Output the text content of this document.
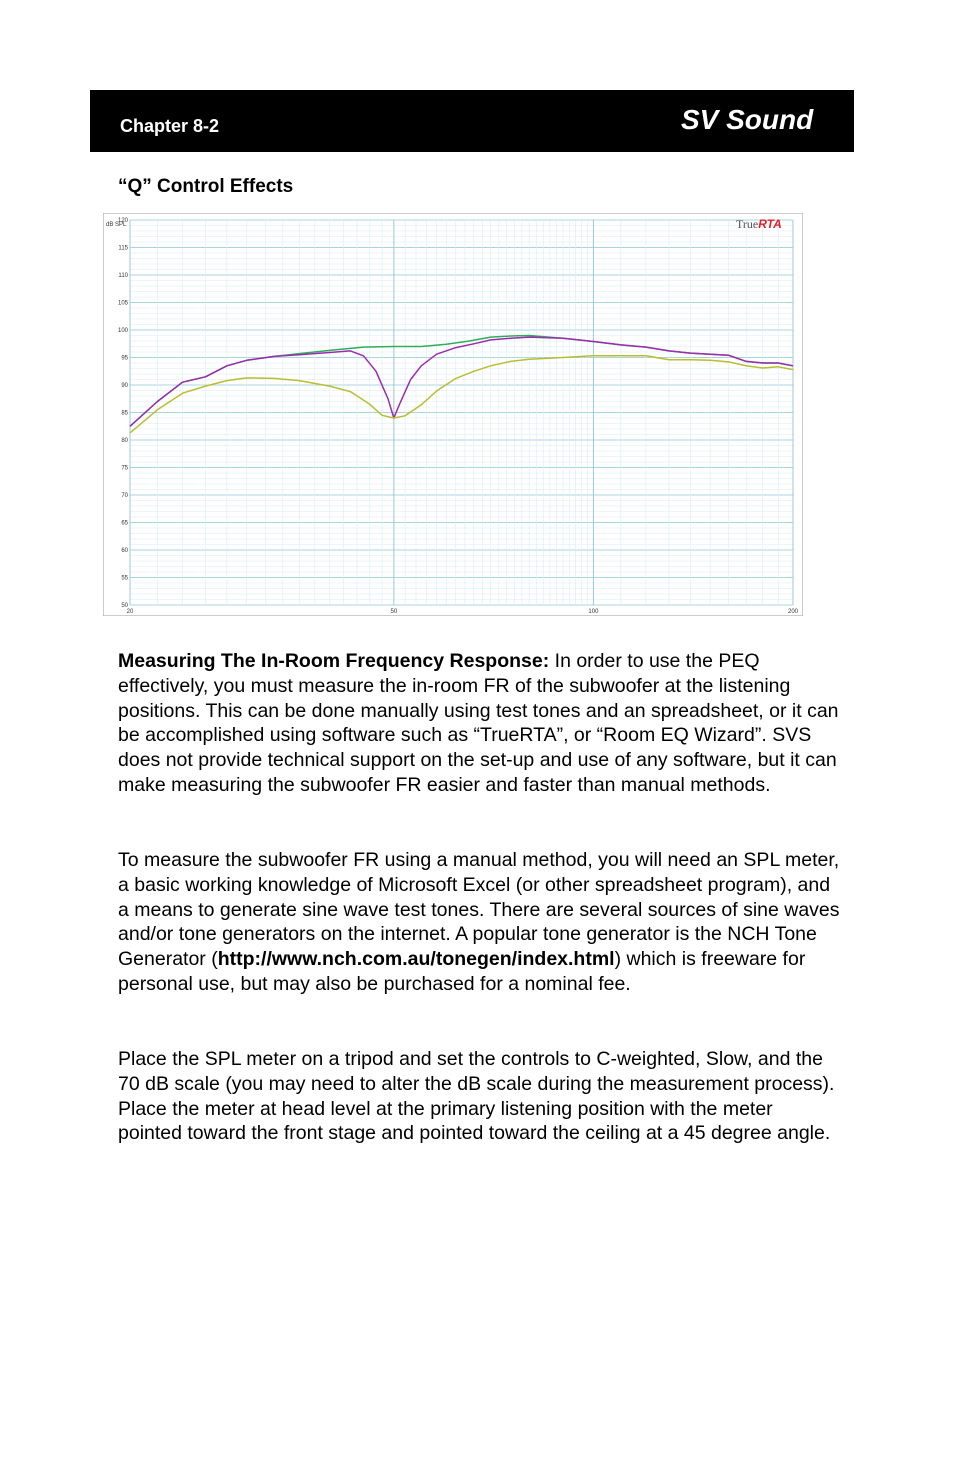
Chapter 8-2	SV Sound
“Q” Control Effects
120
115
110
105
100
95
90
85
80
75
70
65
60
55
50
20	50	100	200
dB SPL	TrueRTA

Measuring The In-Room Frequency Response: In order to use the PEQ effectively, you must measure the in-room FR of the subwoofer at the listening positions. This can be done manually using test tones and an spreadsheet, or it can be accomplished using software such as “TrueRTA”, or “Room EQ Wizard”. SVS does not provide technical support on the set-up and use of any software, but it can make measuring the subwoofer FR easier and faster than manual methods.

To measure the subwoofer FR using a manual method, you will need an SPL meter, a basic working knowledge of Microsoft Excel (or other spreadsheet program), and a means to generate sine wave test tones. There are several sources of sine waves and/or tone generators on the internet. A popular tone generator is the NCH Tone Generator (http://www.nch.com.au/tonegen/index.html) which is freeware for personal use, but may also be purchased for a nominal fee.

Place the SPL meter on a tripod and set the controls to C-weighted, Slow, and the 70 dB scale (you may need to alter the dB scale during the measurement process). Place the meter at head level at the primary listening position with the meter pointed toward the front stage and pointed toward the ceiling at a 45 degree angle.
